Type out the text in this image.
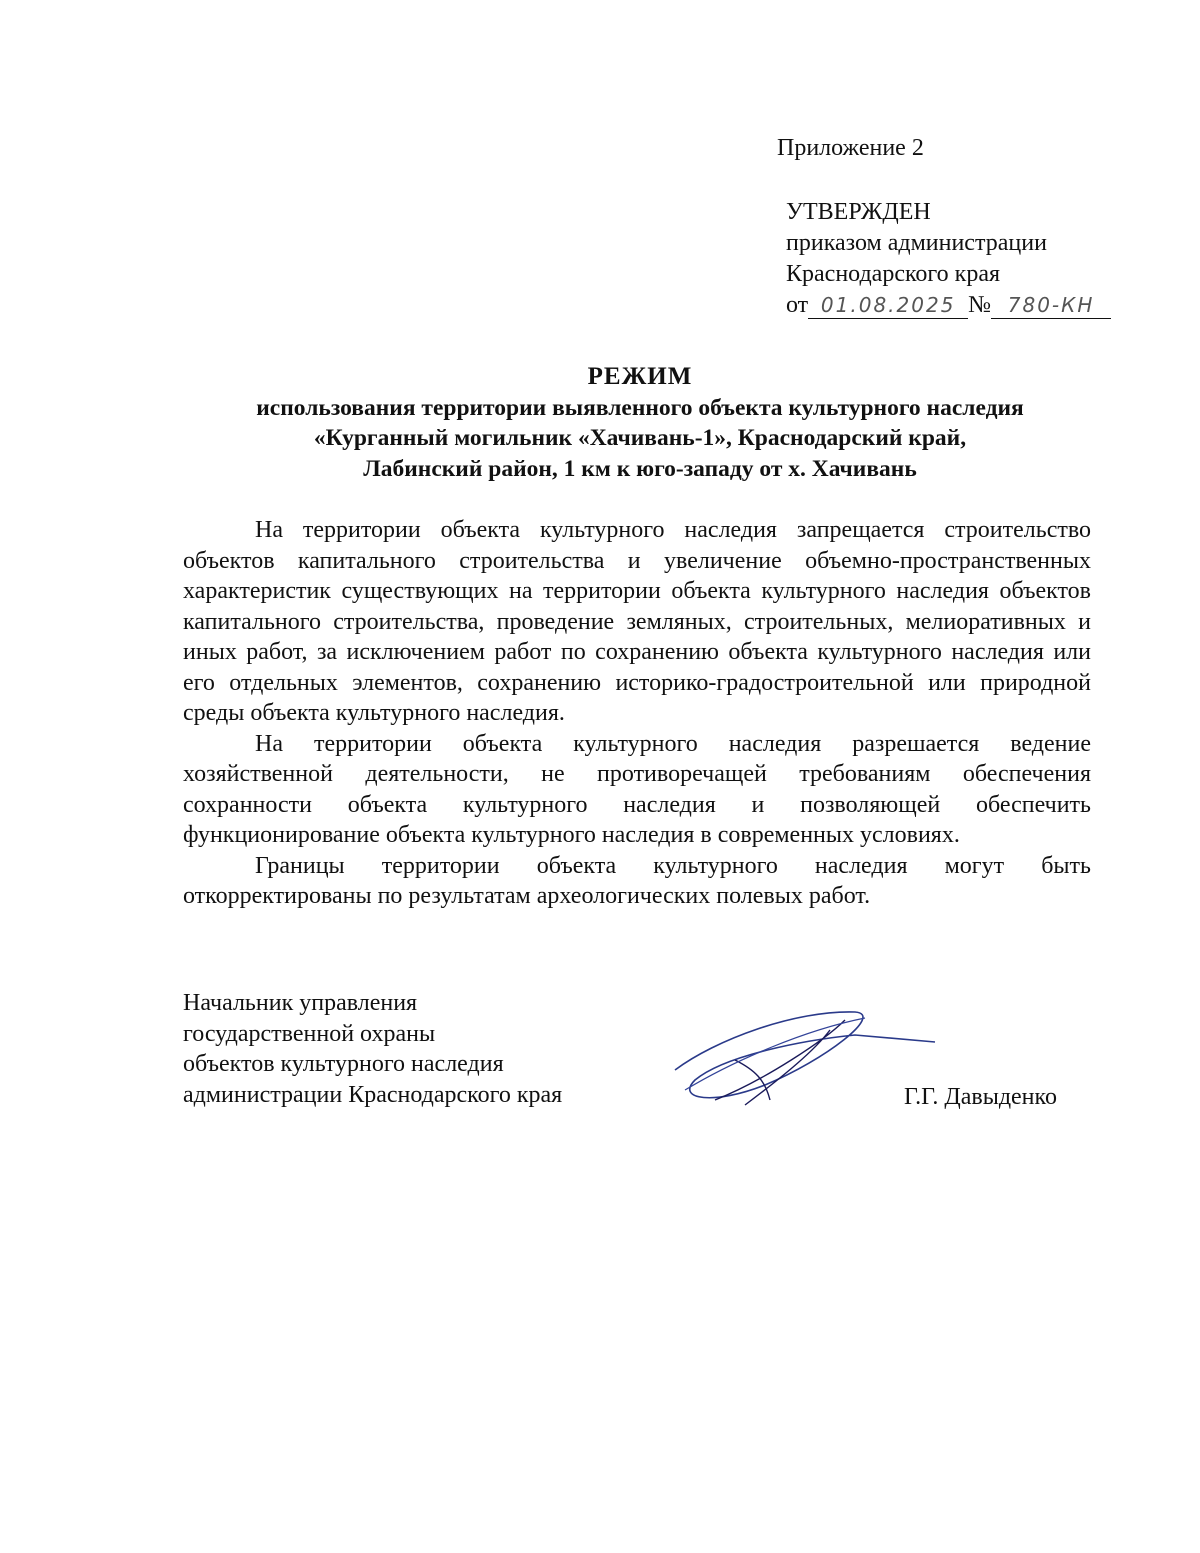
Приложение 2
УТВЕРЖДЕН
приказом администрации
Краснодарского края
от 01.08.2025 № 780-КН
РЕЖИМ
использования территории выявленного объекта культурного наследия
«Курганный могильник «Хачивань-1», Краснодарский край,
Лабинский район, 1 км к юго-западу от х. Хачивань

На территории объекта культурного наследия запрещается строительство объектов капитального строительства и увеличение объемно-пространственных характеристик существующих на территории объекта культурного наследия объектов капитального строительства, проведение земляных, строительных, мелиоративных и иных работ, за исключением работ по сохранению объекта культурного наследия или его отдельных элементов, сохранению историко-градостроительной или природной среды объекта культурного наследия.

На территории объекта культурного наследия разрешается ведение хозяйственной деятельности, не противоречащей требованиям обеспечения сохранности объекта культурного наследия и позволяющей обеспечить функционирование объекта культурного наследия в современных условиях.

Границы территории объекта культурного наследия могут быть откорректированы по результатам археологических полевых работ.

Начальник управления
государственной охраны
объектов культурного наследия
администрации Краснодарского края	Г.Г. Давыденко
